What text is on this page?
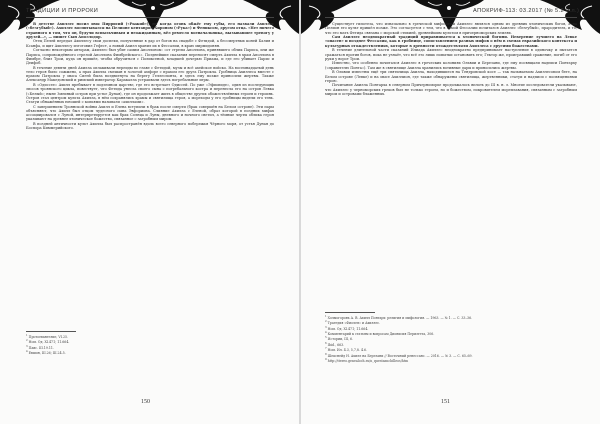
ТРАДИЦИИ И ПРОРОКИ

В детстве Ахиллес носил имя Пиррисий («Рыжий»), но когда огонь обжёг ему губы, его назвали Ахиллес («безгубый»). Ахиллес воспитывался на Пелионе кентавром Хироном («Рука») и Фениксом, другом отца. «Нет ничего странного в том, что он, будучи вспыльчивым и неожиданным, вёл ремесло военачальника, вызывавшее тревогу у друзей…», — пишет Сын Аполлодор.

Отец Пелей передал Ахиллесу свои доспехи, полученные в дар от богов на свадьбе с Фетидой, а бессмертных коней Балия и Ксанфа, и щит Ахиллесу изготовил Гефест, а новый Ахилл хранил их в Фессалии, в краю мирмидонян.

Согласно некоторым авторам, Ахиллес был убит самим Аполлоном: «от стрелы Аполлона, принявшего облик Париса, или же Париса, сопровождённого стрелой Аполлона Фимбрейского». Позднейшие сказания переносят смерть Ахилла в храм Аполлона в Фимбре, близ Трои, куда он пришёл, чтобы обручиться с Поликсеной, младшей дочерью Приама, и где его убивает Парис и Деифоб.

В течение девяти дней Ахилла оплакивали нереиды во главе с Фетидой, музы и всё ахейское войско. На восемнадцатый день тело героя было сожжено, а прах Ахилла смешан в золотой амфоре с прахом его друга Патрокла. Гробница Ахиллеса вместе с прахом Патрокла у мыса Сигей была воздвигнута на берегу Геллеспонта, и здесь ему позже приносили жертвы. Также Александр Македонский и римский император Каракалла устраивали здесь погребальные игры.

В «Одиссее» Ахилл пребывает в подземном царстве, где его встречает Одиссей. По уже «Эфиопиде», один из последующих эпосов троянского цикла, повествует, что Фетида унесла своего сына с погребального костра и перенесла его на остров Левка («Белый»; ныне Змеиный остров при устье Дуная), где он продолжает жить в обществе других обожествлённых героев и героинь. Остров стал центром культа Ахилла, в нём сохранялись храмы и святилища героя, а мореходы у его гробницы видели его тень. Статуи обнажённых юношей с копьями называли «ахиллами».

С завершением Троянской войны Ахилл и Елена вступили в брак после смерти (брак совершён на Белом острове). Эти пары объясняют, что Ахилл был отцом чудесного сына Эвфориона. Слияние Ахилла с Еленой, образ которой в поздних мифах ассоциировался с Луной, интерпретируется как брак Солнца и Луны, дневного и ночного светил, а тёмные черты облика героя указывают на древнее хтоническое божество, связанное с загробным миром.

В поздней античности культ Ахилла был распространён вдоль всего северного побережья Чёрного моря, от устья Дуная до Боспора Киммерийского.

$^1$ Протоевангелие, VI.25.
$^2$ Ном. Од. XI.471; 11.664.
$^3$ Павс. III.19.11.
$^4$ Евшон, III.26; III.24.5.
150
АПОКРИФ-113: 03.2017 (№ 5.2 е.л.)

Существует гипотеза, что изначально в греческой мифологии Ахиллес являлся одним из древних хтонических богов, а на Пелион его культ пришёл позже. Это согласуется с тем, что в самой Фессалии почитался Ахиллес «безгубый», прародитель, и то, что его мать Фетида связана с морской стихией, древнейшим культом в причерноморских землях.

Сам Ахиллес неоднократный традиций приравнивается к хтонической богини. Неверение лучшего на Левке «опасен» и позднее Фессалия, как в гробнице, сопоставлением разных мифов о нём в схемах евразийского контекста и культурных отождествлениях, которые в древности отождествляли Ахиллеса с другими божествами.

В течение длительной части сказаний Илиада Ахиллес неоднократно предпринимает наступление в одиночку и пытается сражаться против богов, пока не узнаёт, что всё это лишь попытки остановить его; Гектор же, проигравший сражение, погиб от его руки у ворот Трои.

Известно, что особенно почитался Ахиллес в греческих колониях Ольвии и Березани, где ему посвящали надписи Понтарху («правителю Понта»). Там же в святилище Ахилла хранились вотивные дары и приносились жертвы.

В Ольвии известны ещё три святилища Ахилла, находившиеся на Тендровской косе — так называемом Ахиллесовом беге, на Белом острове (Левке) и на мысе Ахиллион, где также обнаружены святилища, жертвенники, статуи и надписи с посвящениями герою.

Почитание Ахилла Понтарха в северном Причерноморье продолжалось вплоть до III в. н. э. Многие исследователи указывают, что Ахиллес у черноморских греков был не только героем, но и божеством, покровителем мореплавания, связанным с загробным миром и островами блаженных.

$^1$ Холмогоровъ А. В. Ахилл Понтарх: религия и мифология. — 1963. — № 1. — С. 33–36.
$^2$ Трагедия «Фиолея» и Ахиллес.
$^3$ Ном. Од. XI.471; 11.664.
$^4$ Комментарий к статьям и вопросам Дионисия Периэгета, 306.
$^5$ Истории, III, 6.
$^6$ Ibid., 663.
$^7$ Ном. Ил. 4.3, 5,7,8. 4.6.
$^8$ Шекснейд Н. Ахилл на Березани // Восточный ренессанс. — 2016. — № 3. — С. 65–69.
$^9$ http://itereo.genealoch.ru/n_questasnchilleos/htm
151
